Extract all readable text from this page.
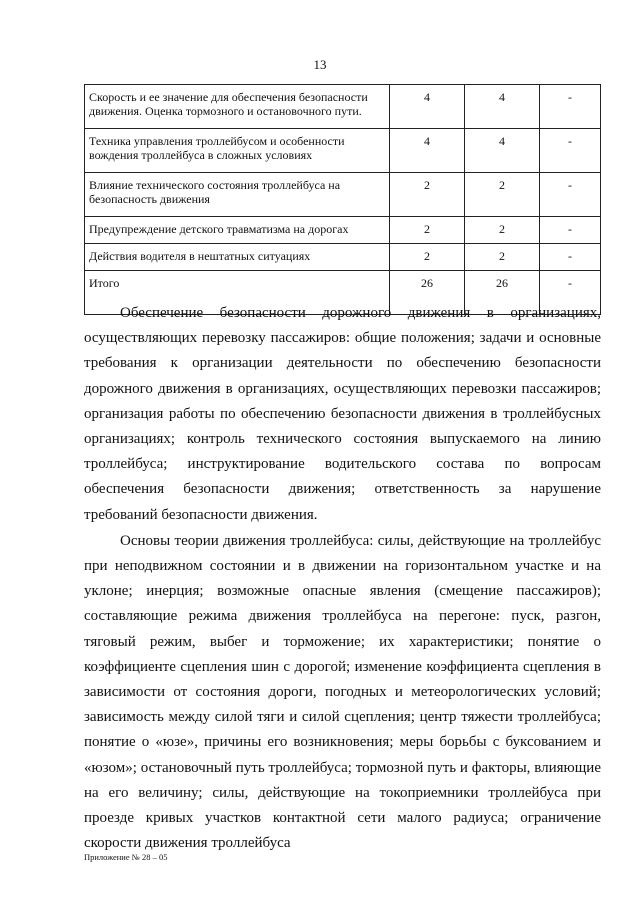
13
Скорость и ее значение для обеспечения безопасности движения. Оценка тормозного и остановочного пути.	4	4	-
Техника управления троллейбусом и особенности вождения троллейбуса в сложных условиях	4	4	-
Влияние технического состояния троллейбуса на безопасность движения	2	2	-
Предупреждение детского травматизма на дорогах	2	2	-
Действия водителя в нештатных ситуациях	2	2	-
Итого	26	26	-

Обеспечение безопасности дорожного движения в организациях, осуществляющих перевозку пассажиров: общие положения; задачи и основные требования к организации деятельности по обеспечению безопасности дорожного движения в организациях, осуществляющих перевозки пассажиров; организация работы по обеспечению безопасности движения в троллейбусных организациях; контроль технического состояния выпускаемого на линию троллейбуса; инструктирование водительского состава по вопросам обеспечения безопасности движения; ответственность за нарушение требований безопасности движения.

Основы теории движения троллейбуса: силы, действующие на троллейбус при неподвижном состоянии и в движении на горизонтальном участке и на уклоне; инерция; возможные опасные явления (смещение пассажиров); составляющие режима движения троллейбуса на перегоне: пуск, разгон, тяговый режим, выбег и торможение; их характеристики; понятие о коэффициенте сцепления шин с дорогой; изменение коэффициента сцепления в зависимости от состояния дороги, погодных и метеорологических условий; зависимость между силой тяги и силой сцепления; центр тяжести троллейбуса; понятие о «юзе», причины его возникновения; меры борьбы с буксованием и «юзом»; остановочный путь троллейбуса; тормозной путь и факторы, влияющие на его величину; силы, действующие на токоприемники троллейбуса при проезде кривых участков контактной сети малого радиуса; ограничение скорости движения троллейбуса

Приложение № 28 – 05
